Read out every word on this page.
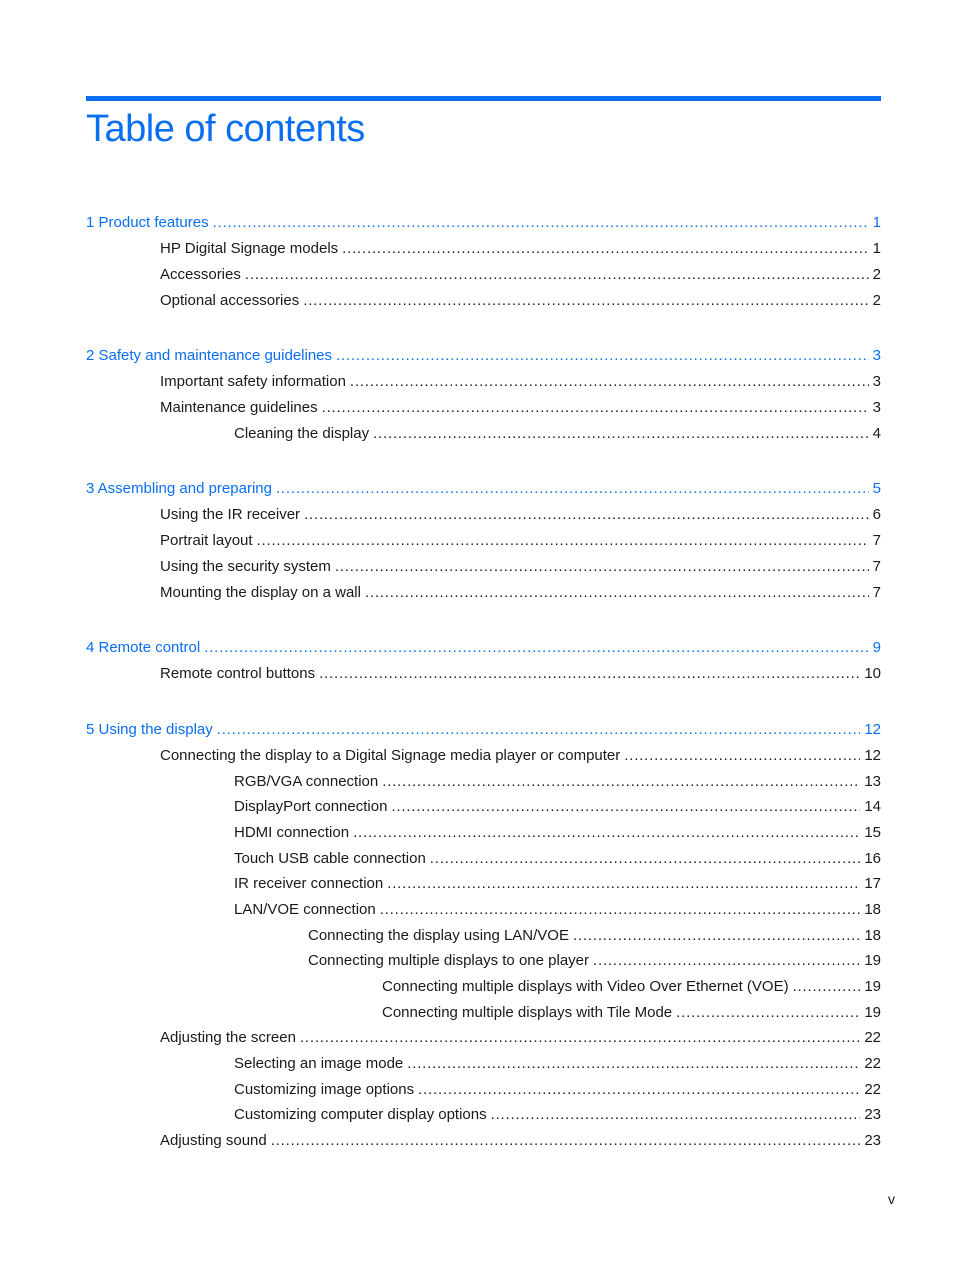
Table of contents
1 Product features .....	1
HP Digital Signage models .....	1
Accessories .....	2
Optional accessories .....	2
2 Safety and maintenance guidelines .....	3
Important safety information .....	3
Maintenance guidelines .....	3
Cleaning the display .....	4
3 Assembling and preparing .....	5
Using the IR receiver .....	6
Portrait layout .....	7
Using the security system .....	7
Mounting the display on a wall .....	7
4 Remote control .....	9
Remote control buttons .....	10
5 Using the display .....	12
Connecting the display to a Digital Signage media player or computer .....	12
RGB/VGA connection .....	13
DisplayPort connection .....	14
HDMI connection .....	15
Touch USB cable connection .....	16
IR receiver connection .....	17
LAN/VOE connection .....	18
Connecting the display using LAN/VOE .....	18
Connecting multiple displays to one player .....	19
Connecting multiple displays with Video Over Ethernet (VOE) .....	19
Connecting multiple displays with Tile Mode .....	19
Adjusting the screen .....	22
Selecting an image mode .....	22
Customizing image options .....	22
Customizing computer display options .....	23
Adjusting sound .....	23
v
